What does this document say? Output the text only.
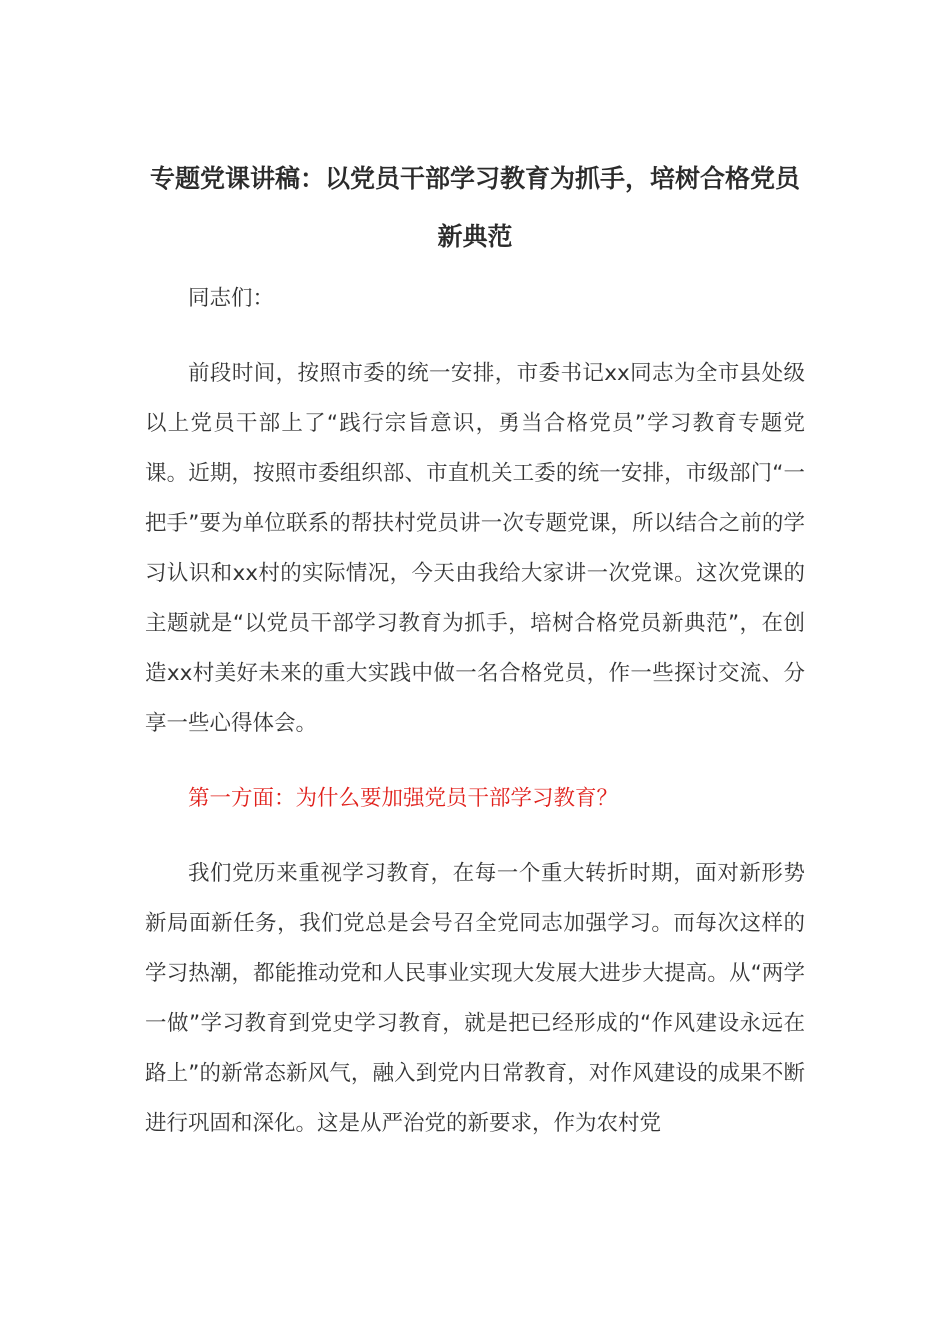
专题党课讲稿：以党员干部学习教育为抓手，培树合格党员新典范

同志们：

前段时间，按照市委的统一安排，市委书记xx同志为全市县处级以上党员干部上了“践行宗旨意识，勇当合格党员”学习教育专题党课。近期，按照市委组织部、市直机关工委的统一安排，市级部门“一把手”要为单位联系的帮扶村党员讲一次专题党课，所以结合之前的学习认识和xx村的实际情况，今天由我给大家讲一次党课。这次党课的主题就是“以党员干部学习教育为抓手，培树合格党员新典范”，在创造xx村美好未来的重大实践中做一名合格党员，作一些探讨交流、分享一些心得体会。

第一方面：为什么要加强党员干部学习教育？

我们党历来重视学习教育，在每一个重大转折时期，面对新形势新局面新任务，我们党总是会号召全党同志加强学习。而每次这样的学习热潮，都能推动党和人民事业实现大发展大进步大提高。从“两学一做”学习教育到党史学习教育，就是把已经形成的“作风建设永远在路上”的新常态新风气，融入到党内日常教育，对作风建设的成果不断进行巩固和深化。这是从严治党的新要求，作为农村党
